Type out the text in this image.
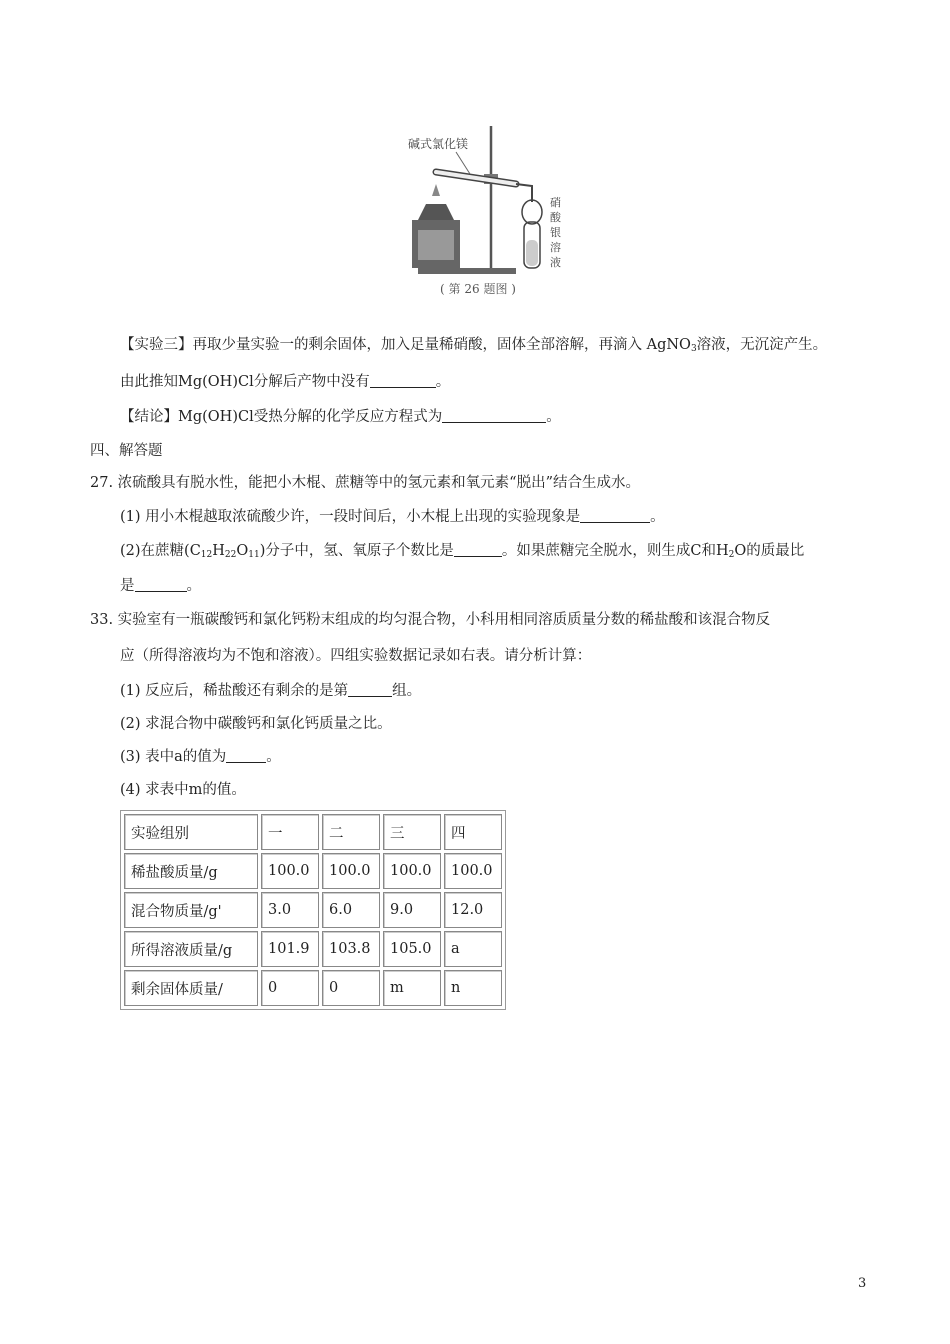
碱式氯化镁
硝
酸
银
溶
液
( 第 26 题图 )
【实验三】再取少量实验一的剩余固体，加入足量稀硝酸，固体全部溶解，再滴入 AgNO$_3$溶液，无沉淀产生。
由此推知Mg(OH)Cl分解后产物中没有	。
【结论】Mg(OH)Cl受热分解的化学反应方程式为	。
四、解答题
27. 浓硫酸具有脱水性，能把小木棍、蔗糖等中的氢元素和氧元素“脱出”结合生成水。
(1) 用小木棍越取浓硫酸少许，一段时间后，小木棍上出现的实验现象是	。
(2)在蔗糖$(C_{12}H_{22}O_{11})$分子中，氢、氧原子个数比是	。如果蔗糖完全脱水，则生成C和$H_2O$的质最比
是	。
33. 实验室有一瓶碳酸钙和氯化钙粉末组成的均匀混合物，小科用相同溶质质量分数的稀盐酸和该混合物反
应（所得溶液均为不饱和溶液）。四组实验数据记录如右表。请分析计算：
(1) 反应后，稀盐酸还有剩余的是第	组。
(2) 求混合物中碳酸钙和氯化钙质量之比。
(3) 表中a的值为	。
(4) 求表中m的值。
实验组别	一	二	三	四
稀盐酸质量/g	100.0	100.0	100.0	100.0
混合物质量/g'	3.0	6.0	9.0	12.0
所得溶液质量/g	101.9	103.8	105.0	a
剩余固体质量/	0	0	m	n
3
